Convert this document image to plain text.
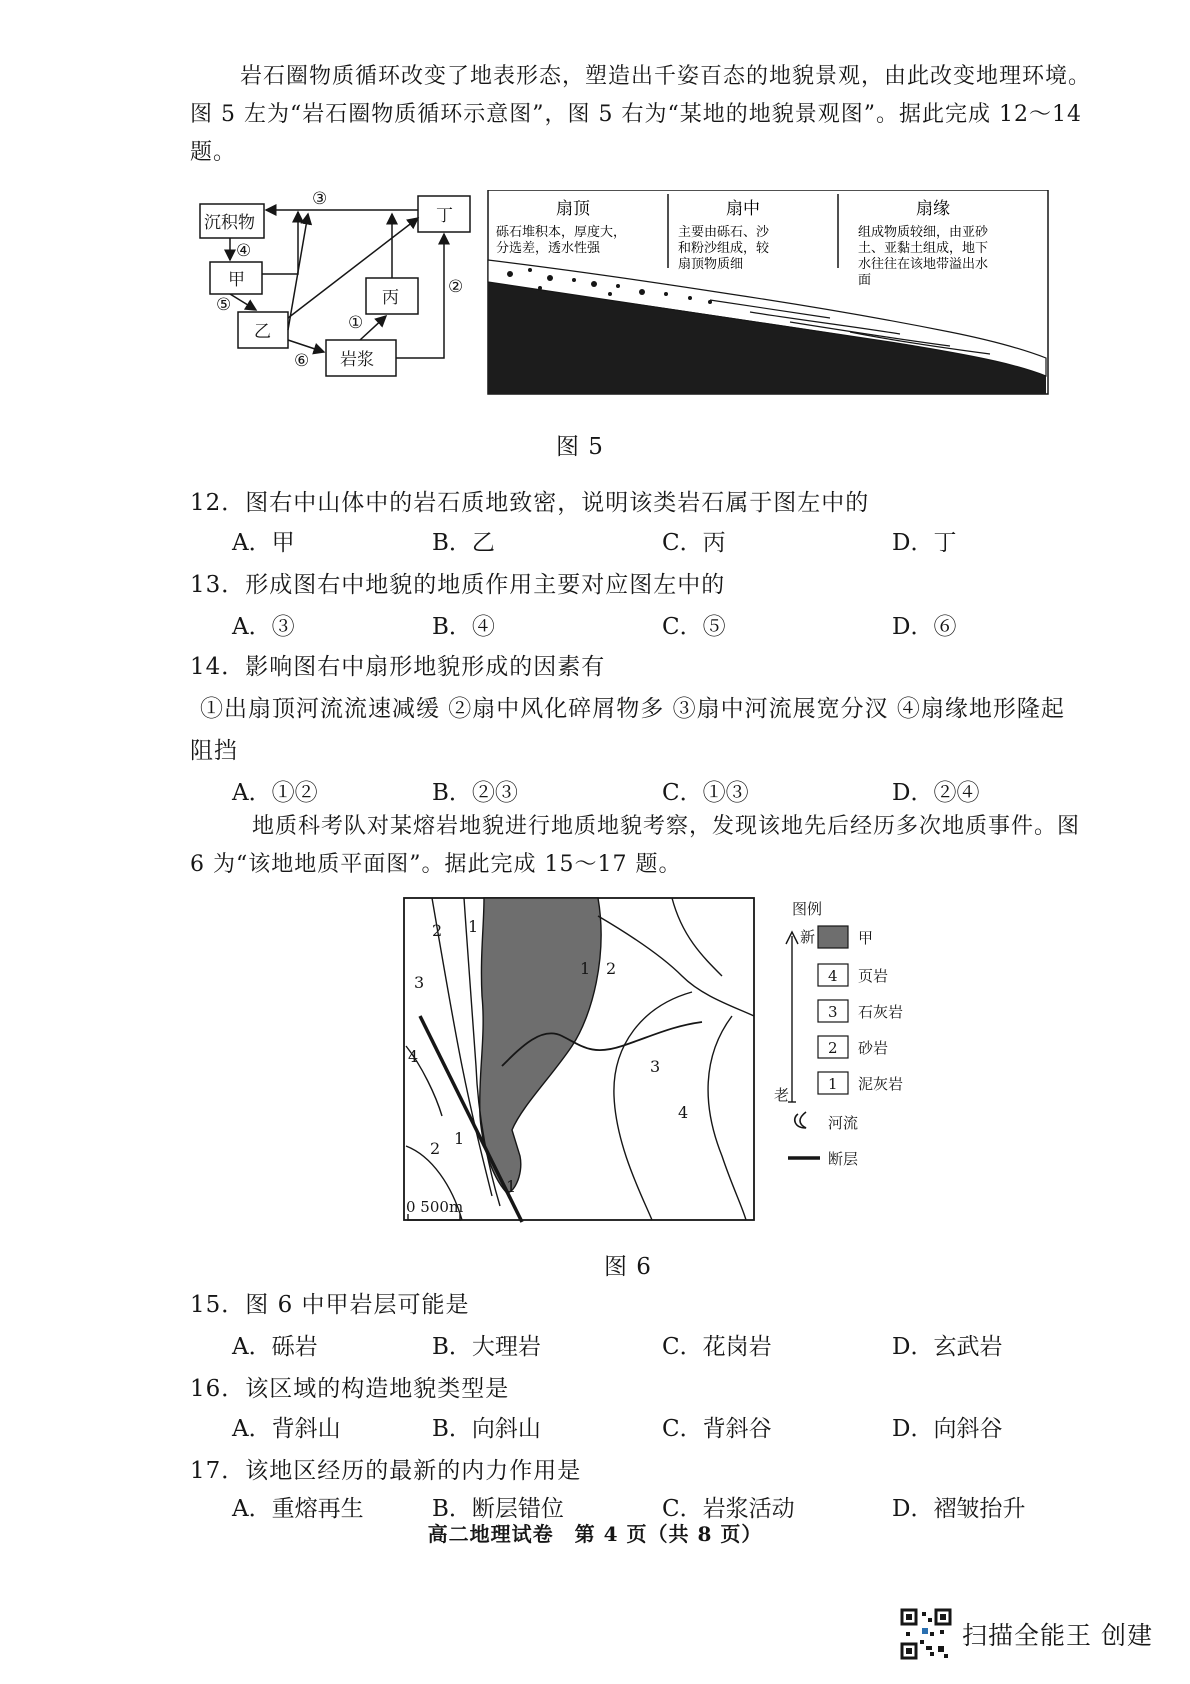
岩石圈物质循环改变了地表形态，塑造出千姿百态的地貌景观，由此改变地理环境。
图 5 左为“岩石圈物质循环示意图”，图 5 右为“某地的地貌景观图”。据此完成 12～14
题。
沉积物
甲
乙
丙
丁
岩浆
③
④
⑤
⑥
①
②
扇顶
砾石堆积本，厚度大，
分选差，透水性强
扇中
主要由砾石、沙
和粉沙组成，较
扇顶物质细
扇缘
组成物质较细，由亚砂
土、亚黏土组成，地下
水往往在该地带溢出水
面
图 5
12．图右中山体中的岩石质地致密，说明该类岩石属于图左中的
A．甲	B．乙	C．丙	D．丁
13．形成图右中地貌的地质作用主要对应图左中的
A．③	B．④	C．⑤	D．⑥
14．影响图右中扇形地貌形成的因素有
①出扇顶河流流速减缓 ②扇中风化碎屑物多 ③扇中河流展宽分汊 ④扇缘地形隆起
阻挡
A．①②	B．②③	C．①③	D．②④
地质科考队对某熔岩地貌进行地质地貌考察，发现该地先后经历多次地质事件。图
6 为“该地地质平面图”。据此完成 15～17 题。
2 1
3
4
1 2
3
4
1
2
1
0 500m
图例
新
老
甲
4 页岩
3 石灰岩
2 砂岩
1 泥灰岩
河流
断层
图 6
15．图 6 中甲岩层可能是
A．砾岩	B．大理岩	C．花岗岩	D．玄武岩
16．该区域的构造地貌类型是
A．背斜山	B．向斜山	C．背斜谷	D．向斜谷
17．该地区经历的最新的内力作用是
A．重熔再生	B．断层错位	C．岩浆活动	D．褶皱抬升
高二地理试卷　第 4 页（共 8 页）
扫描全能王 创建
